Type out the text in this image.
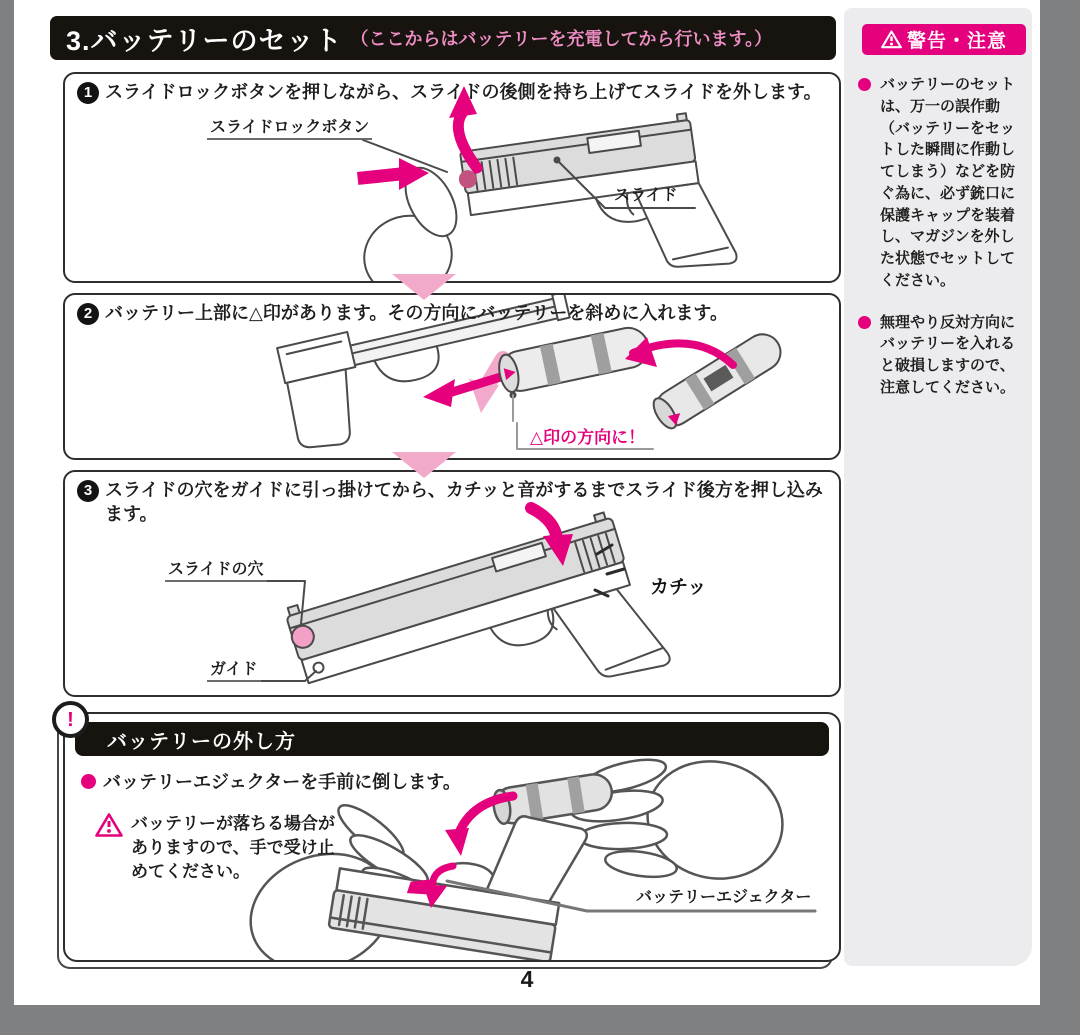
3.バッテリーのセット （ここからはバッテリーを充電してから行います。）
1 スライドロックボタンを押しながら、スライドの後側を持ち上げてスライドを外します。
スライドロックボタン
スライド
2 バッテリー上部に△印があります。その方向にバッテリーを斜めに入れます。
△印の方向に！
3 スライドの穴をガイドに引っ掛けてから、カチッと音がするまでスライド後方を押し込みます。
スライドの穴
ガイド
カチッ
!
バッテリーの外し方
バッテリーエジェクターを手前に倒します。
バッテリーが落ちる場合がありますので、手で受け止めてください。
バッテリーエジェクター
警告・注意
バッテリーのセットは、万一の誤作動（バッテリーをセットした瞬間に作動してしまう）などを防ぐ為に、必ず銃口に保護キャップを装着し、マガジンを外した状態でセットしてください。
無理やり反対方向にバッテリーを入れると破損しますので、注意してください。
4
